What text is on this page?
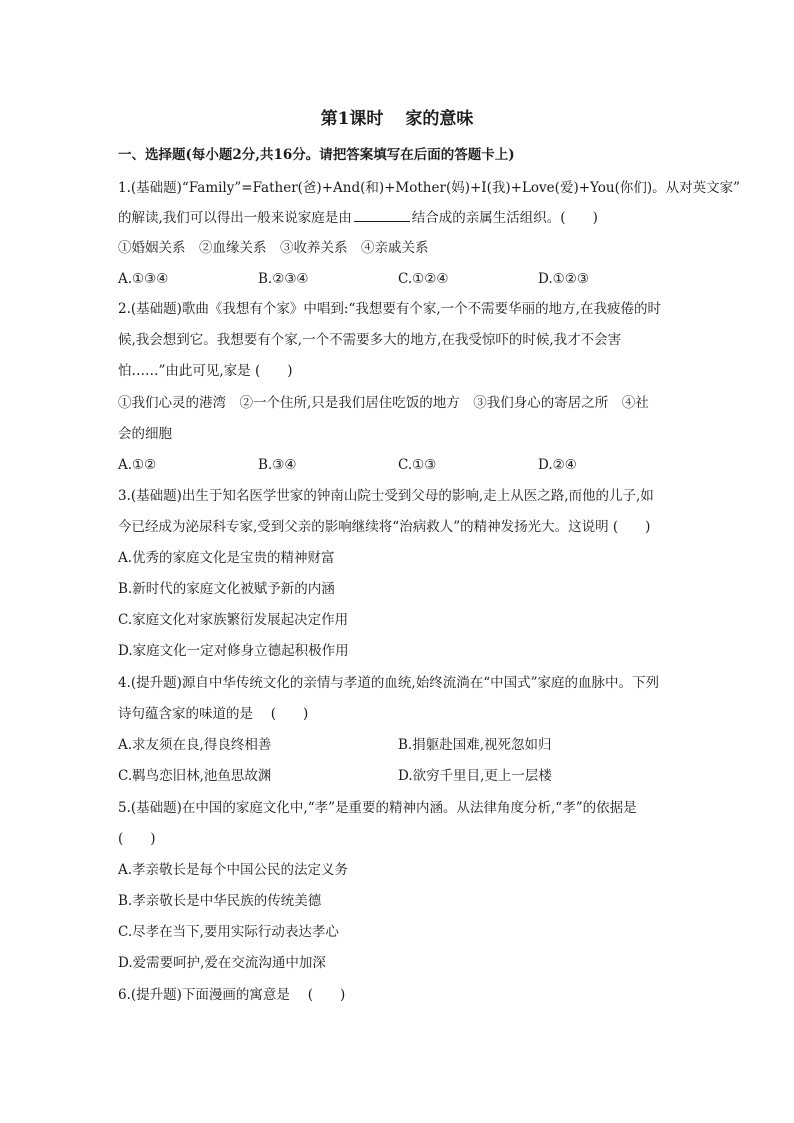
第1课时 家的意味
一、选择题(每小题2分,共16分。请把答案填写在后面的答题卡上)
1.(基础题)“Family”=Father(爸)+And(和)+Mother(妈)+I(我)+Love(爱)+You(你们)。从对英文家”
的解读,我们可以得出一般来说家庭是由	结合成的亲属生活组织。(　　)
①婚姻关系　②血缘关系　③收养关系　④亲戚关系
A.①③④	B.②③④	C.①②④	D.①②③
2.(基础题)歌曲《我想有个家》中唱到:“我想要有个家,一个不需要华丽的地方,在我疲倦的时
候,我会想到它。我想要有个家,一个不需要多大的地方,在我受惊吓的时候,我才不会害
怕……”由此可见,家是 (　　)
①我们心灵的港湾　②一个住所,只是我们居住吃饭的地方　③我们身心的寄居之所　④社
会的细胞
A.①②	B.③④	C.①③	D.②④
3.(基础题)出生于知名医学世家的钟南山院士受到父母的影响,走上从医之路,而他的儿子,如
今已经成为泌尿科专家,受到父亲的影响继续将“治病救人”的精神发扬光大。这说明 (　　)
A.优秀的家庭文化是宝贵的精神财富
B.新时代的家庭文化被赋予新的内涵
C.家庭文化对家族繁衍发展起决定作用
D.家庭文化一定对修身立德起积极作用
4.(提升题)源自中华传统文化的亲情与孝道的血统,始终流淌在“中国式”家庭的血脉中。下列
诗句蕴含家的味道的是　 (　　)
A.求友须在良,得良终相善	B.捐躯赴国难,视死忽如归
C.羁鸟恋旧林,池鱼思故渊	D.欲穷千里目,更上一层楼
5.(基础题)在中国的家庭文化中,“孝”是重要的精神内涵。从法律角度分析,“孝”的依据是
(　　)
A.孝亲敬长是每个中国公民的法定义务
B.孝亲敬长是中华民族的传统美德
C.尽孝在当下,要用实际行动表达孝心
D.爱需要呵护,爱在交流沟通中加深
6.(提升题)下面漫画的寓意是　 (　　)
